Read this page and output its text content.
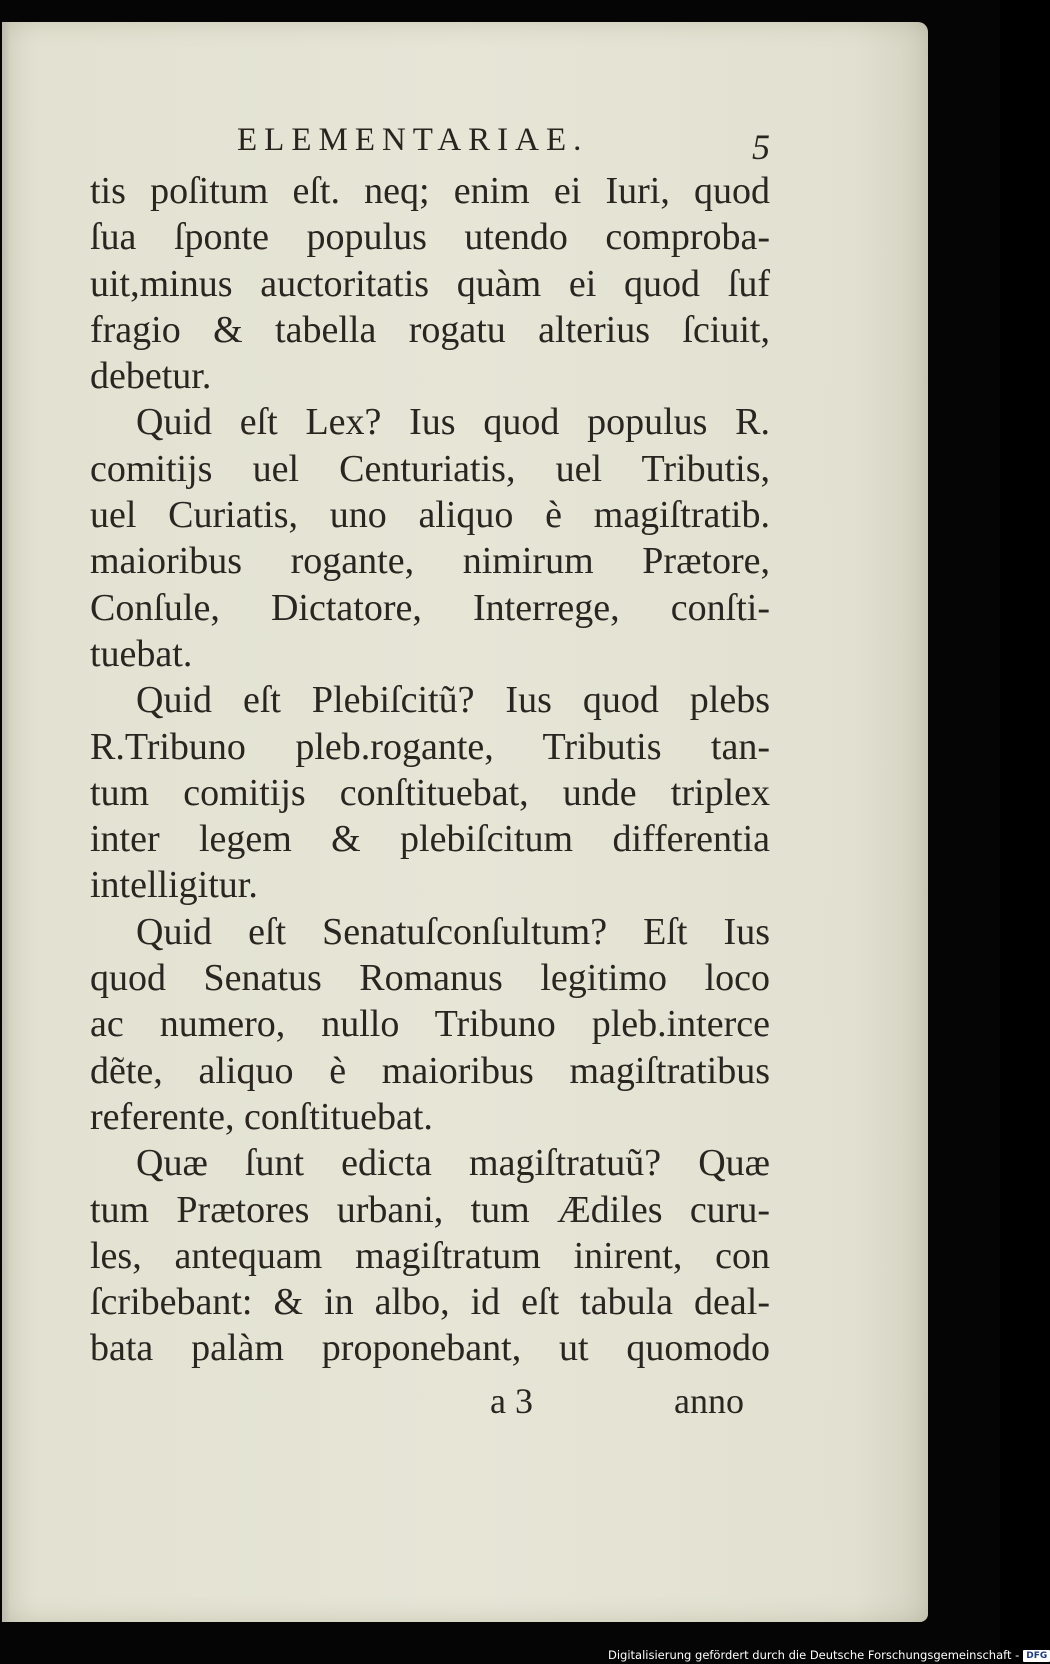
ELEMENTARIAE.	5
tis poſitum eſt. neq; enim ei Iuri, quod
ſua ſponte populus utendo comproba-
uit,minus auctoritatis quàm ei quod ſuf
fragio & tabella rogatu alterius ſciuit,
debetur.
Quid eſt Lex? Ius quod populus R.
comitijs uel Centuriatis, uel Tributis,
uel Curiatis, uno aliquo è magiſtratib.
maioribus rogante, nimirum Prætore,
Conſule, Dictatore, Interrege, conſti-
tuebat.
Quid eſt Plebiſcitũ? Ius quod plebs
R.Tribuno pleb.rogante, Tributis tan-
tum comitijs conſtituebat, unde triplex
inter legem & plebiſcitum differentia
intelligitur.
Quid eſt Senatuſconſultum? Eſt Ius
quod Senatus Romanus legitimo loco
ac numero, nullo Tribuno pleb.interce
dẽte, aliquo è maioribus magiſtratibus
referente, conſtituebat.
Quæ ſunt edicta magiſtratuũ? Quæ
tum Prætores urbani, tum Ædiles curu-
les, antequam magiſtratum inirent, con
ſcribebant: & in albo, id eſt tabula deal-
bata palàm proponebant, ut quomodo
a 3	anno
Digitalisierung gefördert durch die Deutsche Forschungsgemeinschaft - DFG
